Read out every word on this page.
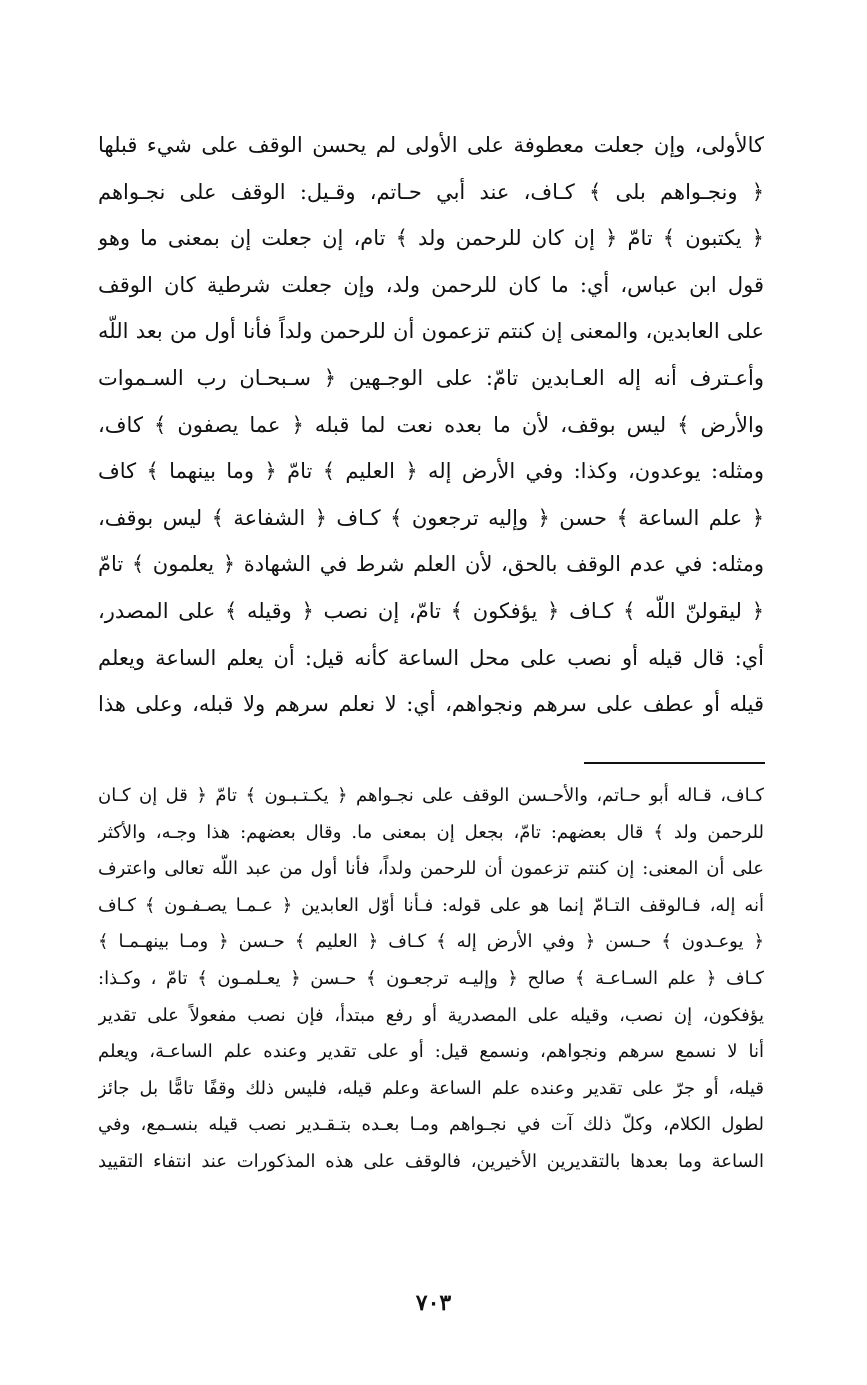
كالأولى، وإن جعلت معطوفة على الأولى لم يحسن الوقف على شيء قبلها
﴿ ونجـواهم بلى ﴾ كـاف، عند أبي حـاتم، وقـيل: الوقف على نجـواهم
﴿ يكتبون ﴾ تامّ ﴿ إن كان للرحمن ولد ﴾ تام، إن جعلت إن بمعنى ما وهو
قول ابن عباس، أي: ما كان للرحمن ولد، وإن جعلت شرطية كان الوقف
على العابدين، والمعنى إن كنتم تزعمون أن للرحمن ولداً فأنا أول من بعد اللّه
وأعـترف أنه إله العـابدين تامّ: على الوجـهين ﴿ سـبحـان رب السـموات
والأرض ﴾ ليس بوقف، لأن ما بعده نعت لما قبله ﴿ عما يصفون ﴾ كاف،
ومثله: يوعدون، وكذا: وفي الأرض إله ﴿ العليم ﴾ تامّ ﴿ وما بينهما ﴾ كاف
﴿ علم الساعة ﴾ حسن ﴿ وإليه ترجعون ﴾ كـاف ﴿ الشفاعة ﴾ ليس بوقف،
ومثله: في عدم الوقف بالحق، لأن العلم شرط في الشهادة ﴿ يعلمون ﴾ تامّ
﴿ ليقولنّ اللّه ﴾ كـاف ﴿ يؤفكون ﴾ تامّ، إن نصب ﴿ وقيله ﴾ على المصدر،
أي: قال قيله أو نصب على محل الساعة كأنه قيل: أن يعلم الساعة ويعلم
قيله أو عطف على سرهم ونجواهم، أي: لا نعلم سرهم ولا قبله، وعلى هذا
كـاف، قـاله أبو حـاتم، والأحـسن الوقف على نجـواهم ﴿ يكـتـبـون ﴾ تامّ ﴿ قل إن كـان
للرحمن ولد ﴾ قال بعضهم: تامّ، بجعل إن بمعنى ما. وقال بعضهم: هذا وجـه، والأكثر
على أن المعنى: إن كنتم تزعمون أن للرحمن ولداً، فأنا أول من عبد اللّه تعالى واعترف
أنه إله، فـالوقف التـامّ إنما هو على قوله: فـأنا أوّل العابدين ﴿ عـمـا يصـفـون ﴾ كـاف
﴿ يوعـدون ﴾ حـسن ﴿ وفي الأرض إله ﴾ كـاف ﴿ العليم ﴾ حـسن ﴿ ومـا بينهـمـا ﴾
كـاف ﴿ علم السـاعـة ﴾ صالح ﴿ وإليـه ترجعـون ﴾ حـسن ﴿ يعـلمـون ﴾ تامّ ، وكـذا:
يؤفكون، إن نصب، وقيله على المصدرية أو رفع مبتدأ، فإن نصب مفعولاً على تقدير
أنا لا نسمع سرهم ونجواهم، ونسمع قيل: أو على تقدير وعنده علم الساعـة، ويعلم
قيله، أو جرّ على تقدير وعنده علم الساعة وعلم قيله، فليس ذلك وقفًا تامًّا بل جائز
لطول الكلام، وكلّ ذلك آت في نجـواهم ومـا بعـده بتـقـدير نصب قيله بنسـمع، وفي
الساعة وما بعدها بالتقديرين الأخيرين، فالوقف على هذه المذكورات عند انتفاء التقييد
٧٠٣
